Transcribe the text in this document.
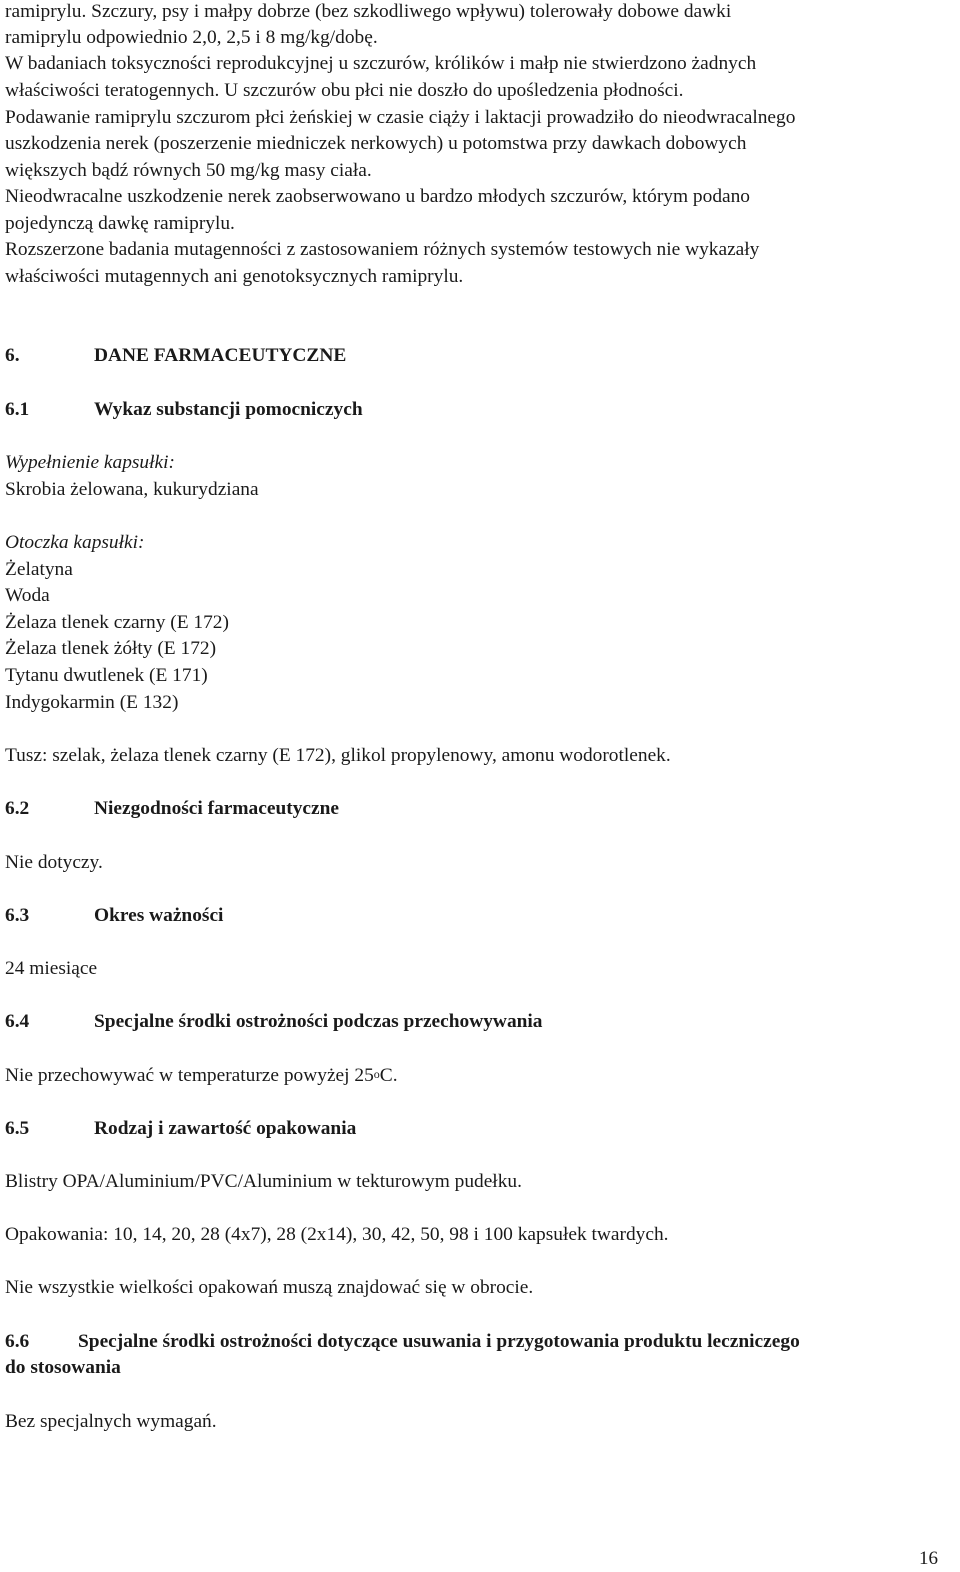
ramiprylu. Szczury, psy i małpy dobrze (bez szkodliwego wpływu) tolerowały dobowe dawki

ramiprylu odpowiednio 2,0, 2,5 i 8 mg/kg/dobę.

W badaniach toksyczności reprodukcyjnej u szczurów, królików i małp nie stwierdzono żadnych

właściwości teratogennych. U szczurów obu płci nie doszło do upośledzenia płodności.

Podawanie ramiprylu szczurom płci żeńskiej w czasie ciąży i laktacji prowadziło do nieodwracalnego

uszkodzenia nerek (poszerzenie miedniczek nerkowych) u potomstwa przy dawkach dobowych

większych bądź równych 50 mg/kg masy ciała.

Nieodwracalne uszkodzenie nerek zaobserwowano u bardzo młodych szczurów, którym podano

pojedynczą dawkę ramiprylu.

Rozszerzone badania mutagenności z zastosowaniem różnych systemów testowych nie wykazały

właściwości mutagennych ani genotoksycznych ramiprylu.

6.	DANE FARMACEUTYCZNE
6.1	Wykaz substancji pomocniczych

Wypełnienie kapsułki:

Skrobia żelowana, kukurydziana

Otoczka kapsułki:

Żelatyna

Woda

Żelaza tlenek czarny (E 172)

Żelaza tlenek żółty (E 172)

Tytanu dwutlenek (E 171)

Indygokarmin (E 132)

Tusz: szelak, żelaza tlenek czarny (E 172), glikol propylenowy, amonu wodorotlenek.

6.2	Niezgodności farmaceutyczne

Nie dotyczy.

6.3	Okres ważności

24 miesiące

6.4	Specjalne środki ostrożności podczas przechowywania

Nie przechowywać w temperaturze powyżej 25$^o$C.

6.5	Rodzaj i zawartość opakowania

Blistry OPA/Aluminium/PVC/Aluminium w tekturowym pudełku.

Opakowania: 10, 14, 20, 28 (4x7), 28 (2x14), 30, 42, 50, 98 i 100 kapsułek twardych.

Nie wszystkie wielkości opakowań muszą znajdować się w obrocie.

6.6	Specjalne środki ostrożności dotyczące usuwania i przygotowania produktu leczniczego

do stosowania

Bez specjalnych wymagań.

16
